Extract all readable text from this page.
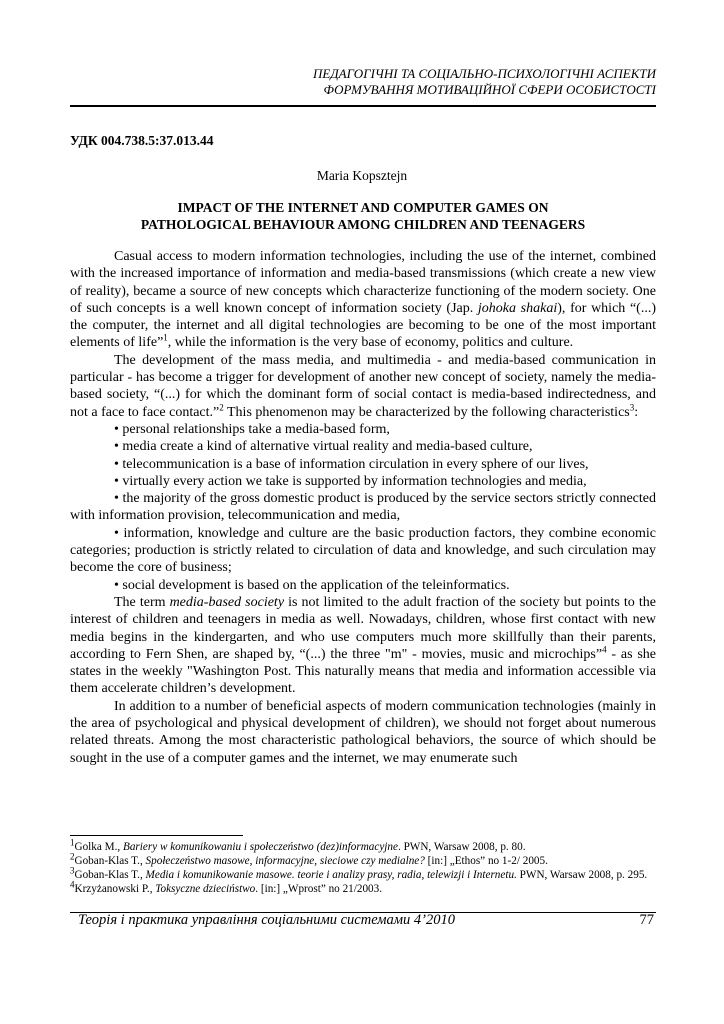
ПЕДАГОГІЧНІ ТА СОЦІАЛЬНО-ПСИХОЛОГІЧНІ АСПЕКТИ
ФОРМУВАННЯ МОТИВАЦІЙНОЇ СФЕРИ ОСОБИСТОСТІ
УДК 004.738.5:37.013.44
Maria Kopsztejn
IMPACT OF THE INTERNET AND COMPUTER GAMES ON
PATHOLOGICAL BEHAVIOUR AMONG CHILDREN AND TEENAGERS

Casual access to modern information technologies, including the use of the internet, combined with the increased importance of information and media-based transmissions (which create a new view of reality), became a source of new concepts which characterize functioning of the modern society. One of such concepts is a well known concept of information society (Jap. johoka shakai), for which “(...) the computer, the internet and all digital technologies are becoming to be one of the most important elements of life”$^1$, while the information is the very base of economy, politics and culture.

The development of the mass media, and multimedia - and media-based communication in particular - has become a trigger for development of another new concept of society, namely the media-based society, “(...) for which the dominant form of social contact is media-based indirectedness, and not a face to face contact.”$^2$ This phenomenon may be characterized by the following characteristics$^3$:

• personal relationships take a media-based form,

• media create a kind of alternative virtual reality and media-based culture,

• telecommunication is a base of information circulation in every sphere of our lives,

• virtually every action we take is supported by information technologies and media,

• the majority of the gross domestic product is produced by the service sectors strictly connected with information provision, telecommunication and media,

• information, knowledge and culture are the basic production factors, they combine economic categories; production is strictly related to circulation of data and knowledge, and such circulation may become the core of business;

• social development is based on the application of the teleinformatics.

The term media-based society is not limited to the adult fraction of the society but points to the interest of children and teenagers in media as well. Nowadays, children, whose first contact with new media begins in the kindergarten, and who use computers much more skillfully than their parents, according to Fern Shen, are shaped by, “(...) the three "m" - movies, music and microchips”$^4$ - as she states in the weekly "Washington Post. This naturally means that media and information accessible via them accelerate children’s development.

In addition to a number of beneficial aspects of modern communication technologies (mainly in the area of psychological and physical development of children), we should not forget about numerous related threats. Among the most characteristic pathological behaviors, the source of which should be sought in the use of a computer games and the internet, we may enumerate such

$^1$Golka M., Bariery w komunikowaniu i społeczeństwo (dez)informacyjne. PWN, Warsaw 2008, p. 80.

$^2$Goban-Klas T., Społeczeństwo masowe, informacyjne, sieciowe czy medialne? [in:] „Ethos” no 1-2/ 2005.

$^3$Goban-Klas T., Media i komunikowanie masowe. teorie i analizy prasy, radia, telewizji i Internetu. PWN, Warsaw 2008, p. 295.

$^4$Krzyżanowski P., Toksyczne dzieciństwo. [in:] „Wprost” no 21/2003.

Теорія і практика управління соціальними системами 4’2010	77
